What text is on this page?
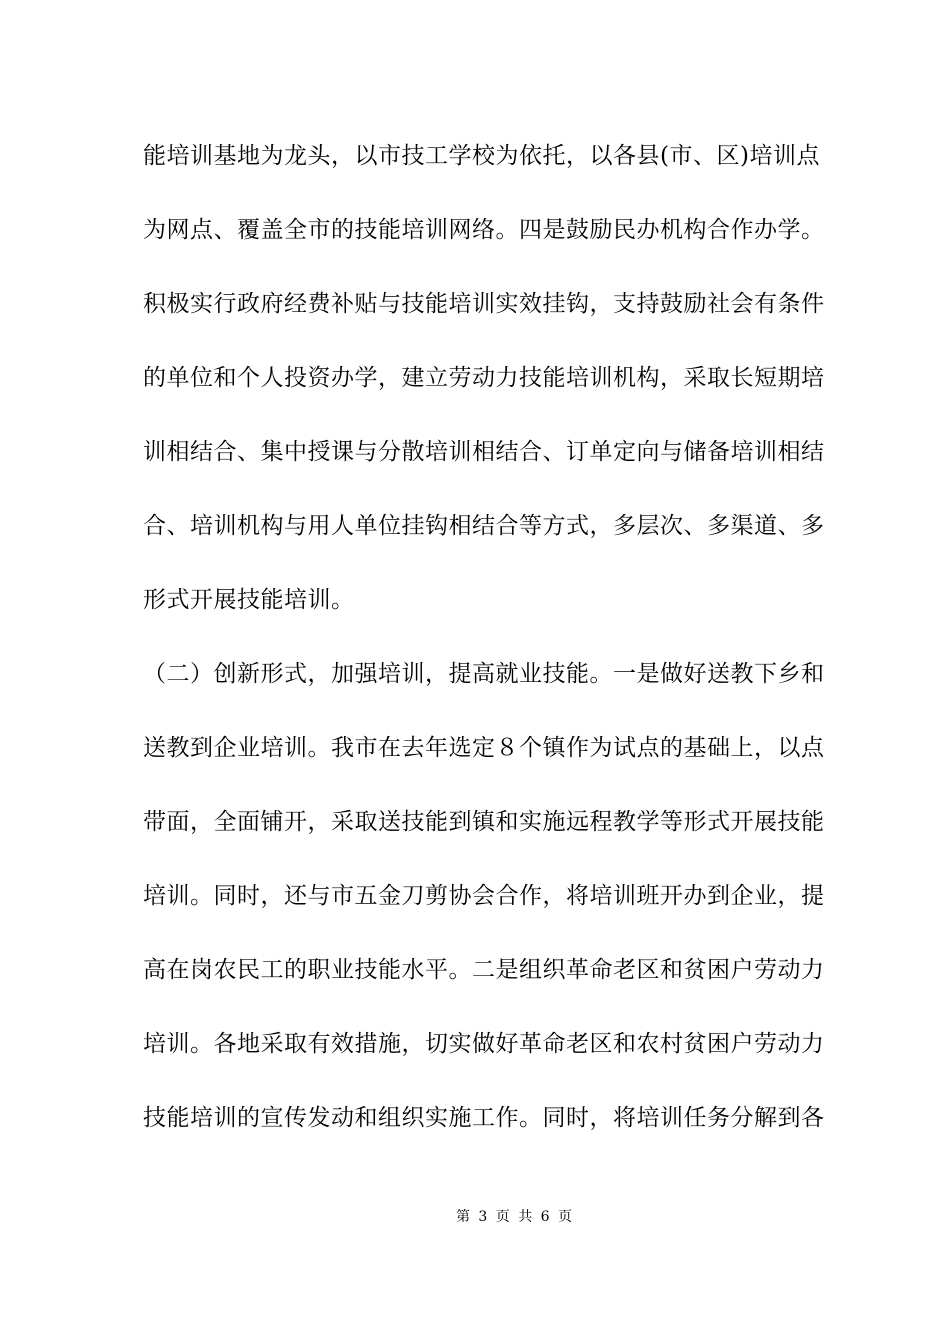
能培训基地为龙头，以市技工学校为依托，以各县(市、区)培训点
为网点、覆盖全市的技能培训网络。四是鼓励民办机构合作办学。
积极实行政府经费补贴与技能培训实效挂钩，支持鼓励社会有条件
的单位和个人投资办学，建立劳动力技能培训机构，采取长短期培
训相结合、集中授课与分散培训相结合、订单定向与储备培训相结
合、培训机构与用人单位挂钩相结合等方式，多层次、多渠道、多
形式开展技能培训。
（二）创新形式，加强培训，提高就业技能。一是做好送教下乡和
送教到企业培训。我市在去年选定８个镇作为试点的基础上，以点
带面，全面铺开，采取送技能到镇和实施远程教学等形式开展技能
培训。同时，还与市五金刀剪协会合作，将培训班开办到企业，提
高在岗农民工的职业技能水平。二是组织革命老区和贫困户劳动力
培训。各地采取有效措施，切实做好革命老区和农村贫困户劳动力
技能培训的宣传发动和组织实施工作。同时，将培训任务分解到各
第 3 页 共 6 页
